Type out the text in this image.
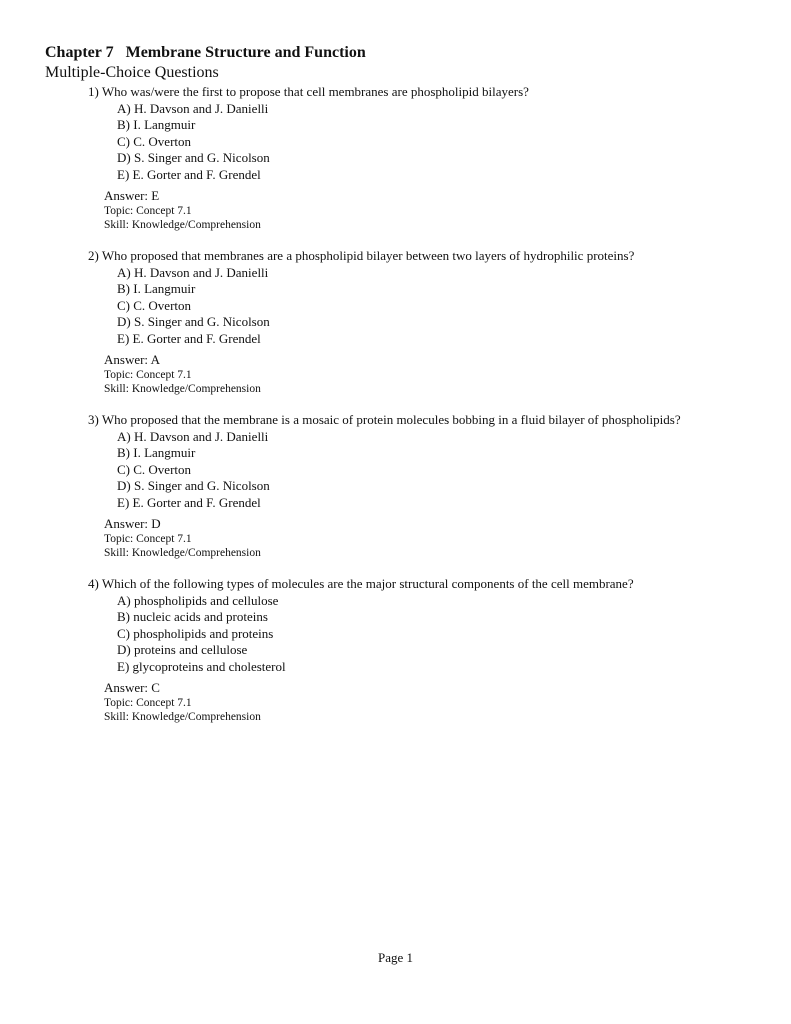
Chapter 7 Membrane Structure and Function
Multiple-Choice Questions
1) Who was/were the first to propose that cell membranes are phospholipid bilayers?
A) H. Davson and J. Danielli
B) I. Langmuir
C) C. Overton
D) S. Singer and G. Nicolson
E) E. Gorter and F. Grendel
Answer: E
Topic: Concept 7.1
Skill: Knowledge/Comprehension
2) Who proposed that membranes are a phospholipid bilayer between two layers of hydrophilic proteins?
A) H. Davson and J. Danielli
B) I. Langmuir
C) C. Overton
D) S. Singer and G. Nicolson
E) E. Gorter and F. Grendel
Answer: A
Topic: Concept 7.1
Skill: Knowledge/Comprehension
3) Who proposed that the membrane is a mosaic of protein molecules bobbing in a fluid bilayer of phospholipids?
A) H. Davson and J. Danielli
B) I. Langmuir
C) C. Overton
D) S. Singer and G. Nicolson
E) E. Gorter and F. Grendel
Answer: D
Topic: Concept 7.1
Skill: Knowledge/Comprehension
4) Which of the following types of molecules are the major structural components of the cell membrane?
A) phospholipids and cellulose
B) nucleic acids and proteins
C) phospholipids and proteins
D) proteins and cellulose
E) glycoproteins and cholesterol
Answer: C
Topic: Concept 7.1
Skill: Knowledge/Comprehension
Page 1
